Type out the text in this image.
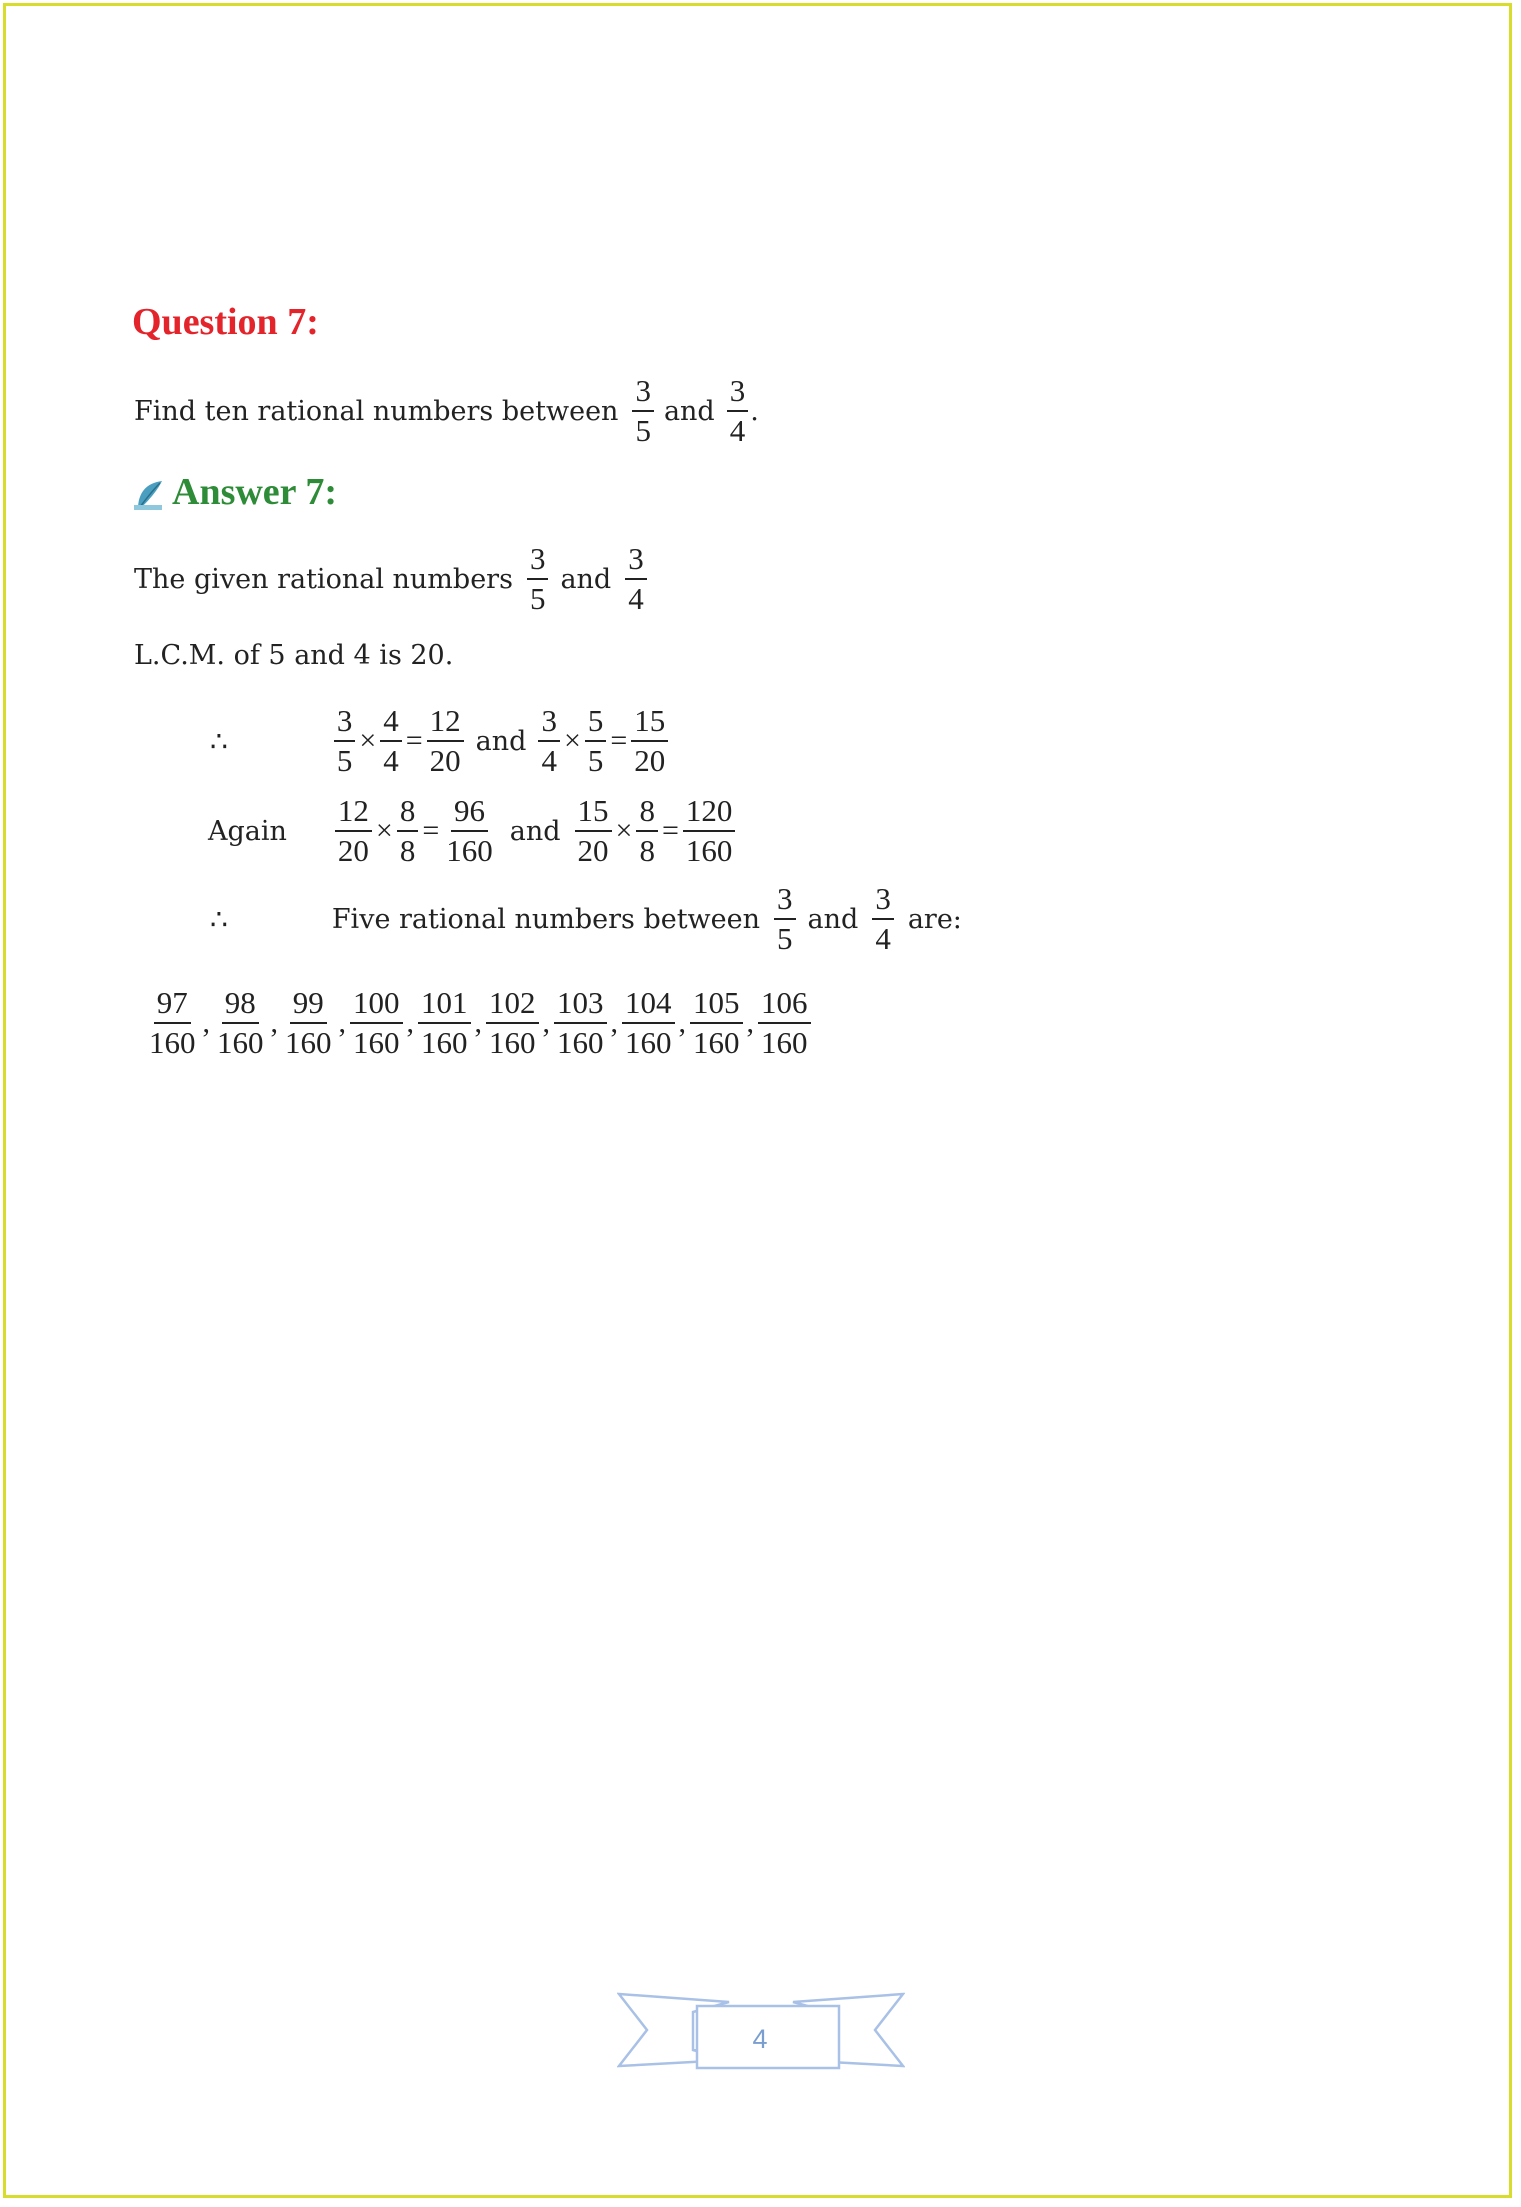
Question 7:
Find ten rational numbers between $\frac{3}{5}$ and $\frac{3}{4}$ .
Answer 7:
The given rational numbers $\frac{3}{5}$ and $\frac{3}{4}$
L.C.M. of 5 and 4 is 20.
∴	$\frac{3}{5} \times \frac{4}{4} = \frac{12}{20}$ and $\frac{3}{4} \times \frac{5}{5} = \frac{15}{20}$
Again $\frac{12}{20} \times \frac{8}{8} = \frac{96}{160}$ and $\frac{15}{20} \times \frac{8}{8} = \frac{120}{160}$
∴	Five rational numbers between $\frac{3}{5}$ and $\frac{3}{4}$ are:
$\frac{97}{160}$ , $\frac{98}{160}$ , $\frac{99}{160}$ , $\frac{100}{160}$ , $\frac{101}{160}$ , $\frac{102}{160}$ , $\frac{103}{160}$ , $\frac{104}{160}$ , $\frac{105}{160}$ , $\frac{106}{160}$
4
